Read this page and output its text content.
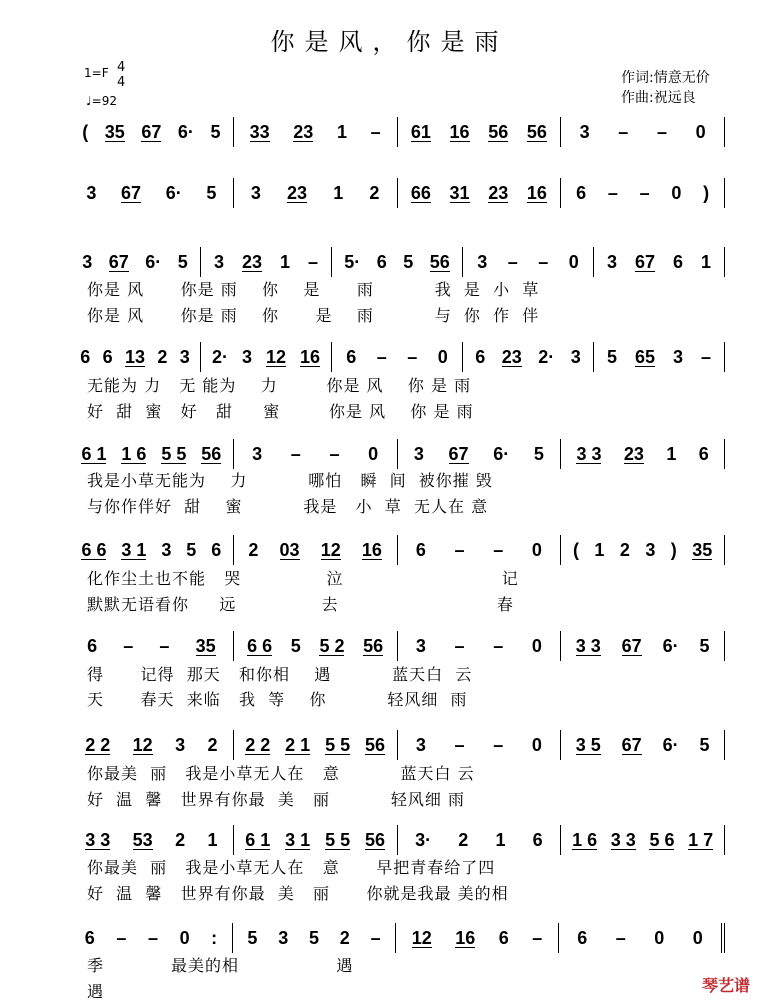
你是风，你是雨
1=F 4
4
♩=92
作词:情意无价
作曲:祝远良
琴艺谱
( 35 67 6· 5 33 23 1 – 61 16 56 56 3 – – 0
3 67 6· 5 3 23 1 2 66 31 23 16 6 – – 0 )
3 67 6· 5 3 23 1 – 5· 6 5 56 3 – – 0 3 67 6 1
你是 风      你是 雨    你    是      雨          我  是  小  草
你是 风      你是 雨    你      是    雨          与  你  作  伴
6 6 13 2 3 2· 3 12 16 6 – – 0 6 23 2· 3 5 65 3 –
无能为 力   无 能为    力        你是 风    你 是 雨
好  甜  蜜   好   甜     蜜        你是 风    你 是 雨
6 1 1 6 5 5 56 3 – – 0 3 67 6· 5 3 3 23 1 6
我是小草无能为    力          哪怕   瞬  间  被你摧 毁
与你作伴好  甜    蜜          我是   小  草  无人在 意
6 6 3 1 3 5 6 2 03 12 16 6 – – 0 ( 1 2 3 ) 35
化作尘土也不能   哭              泣                          记
默默无语看你     远              去                          春
6 – – 35 6 6 5 5 2 56 3 – – 0 3 3 67 6· 5
得      记得  那天   和你相    遇          蓝天白  云
天      春天  来临   我  等    你          轻风细  雨
2 2 12 3 2 2 2 2 1 5 5 56 3 – – 0 3 5 67 6· 5
你最美  丽   我是小草无人在   意          蓝天白 云
好  温  馨   世界有你最  美   丽          轻风细 雨
3 3 53 2 1 6 1 3 1 5 5 56 3· 2 1 6 1 6 3 3 5 6 1 7
你最美  丽   我是小草无人在   意      早把青春给了四
好  温  馨   世界有你最  美   丽      你就是我最 美的相
6 – – 0 : 5 3 5 2 – 12 16 6 – 6 – 0 0
季           最美的相                遇
遇
